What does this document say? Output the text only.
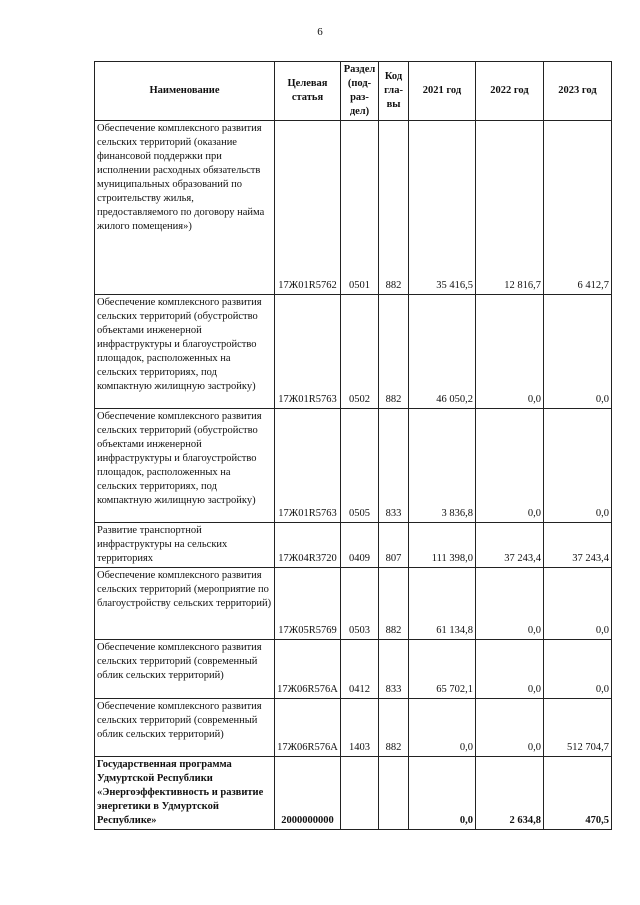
6
Наименование	Целевая статья	Раздел (под-раз-дел)	Код гла-вы	2021 год	2022 год	2023 год
Обеспечение комплексного развития сельских территорий (оказание финансовой поддержки при исполнении расходных обязательств муниципальных образований по строительству жилья, предоставляемого по договору найма жилого помещения»)	17Ж01R5762	0501	882	35 416,5	12 816,7	6 412,7
Обеспечение комплексного развития сельских территорий (обустройство объектами инженерной инфраструктуры и благоустройство площадок, расположенных на сельских территориях, под компактную жилищную застройку)	17Ж01R5763	0502	882	46 050,2	0,0	0,0
Обеспечение комплексного развития сельских территорий (обустройство объектами инженерной инфраструктуры и благоустройство площадок, расположенных на сельских территориях, под компактную жилищную застройку)	17Ж01R5763	0505	833	3 836,8	0,0	0,0
Развитие транспортной инфраструктуры на сельских территориях	17Ж04R3720	0409	807	111 398,0	37 243,4	37 243,4
Обеспечение комплексного развития сельских территорий (мероприятие по благоустройству сельских территорий)	17Ж05R5769	0503	882	61 134,8	0,0	0,0
Обеспечение комплексного развития сельских территорий (современный облик сельских территорий)	17Ж06R576А	0412	833	65 702,1	0,0	0,0
Обеспечение комплексного развития сельских территорий (современный облик сельских территорий)	17Ж06R576А	1403	882	0,0	0,0	512 704,7
Государственная программа Удмуртской Республики «Энергоэффективность и развитие энергетики в Удмуртской Республике»	2000000000			0,0	2 634,8	470,5
